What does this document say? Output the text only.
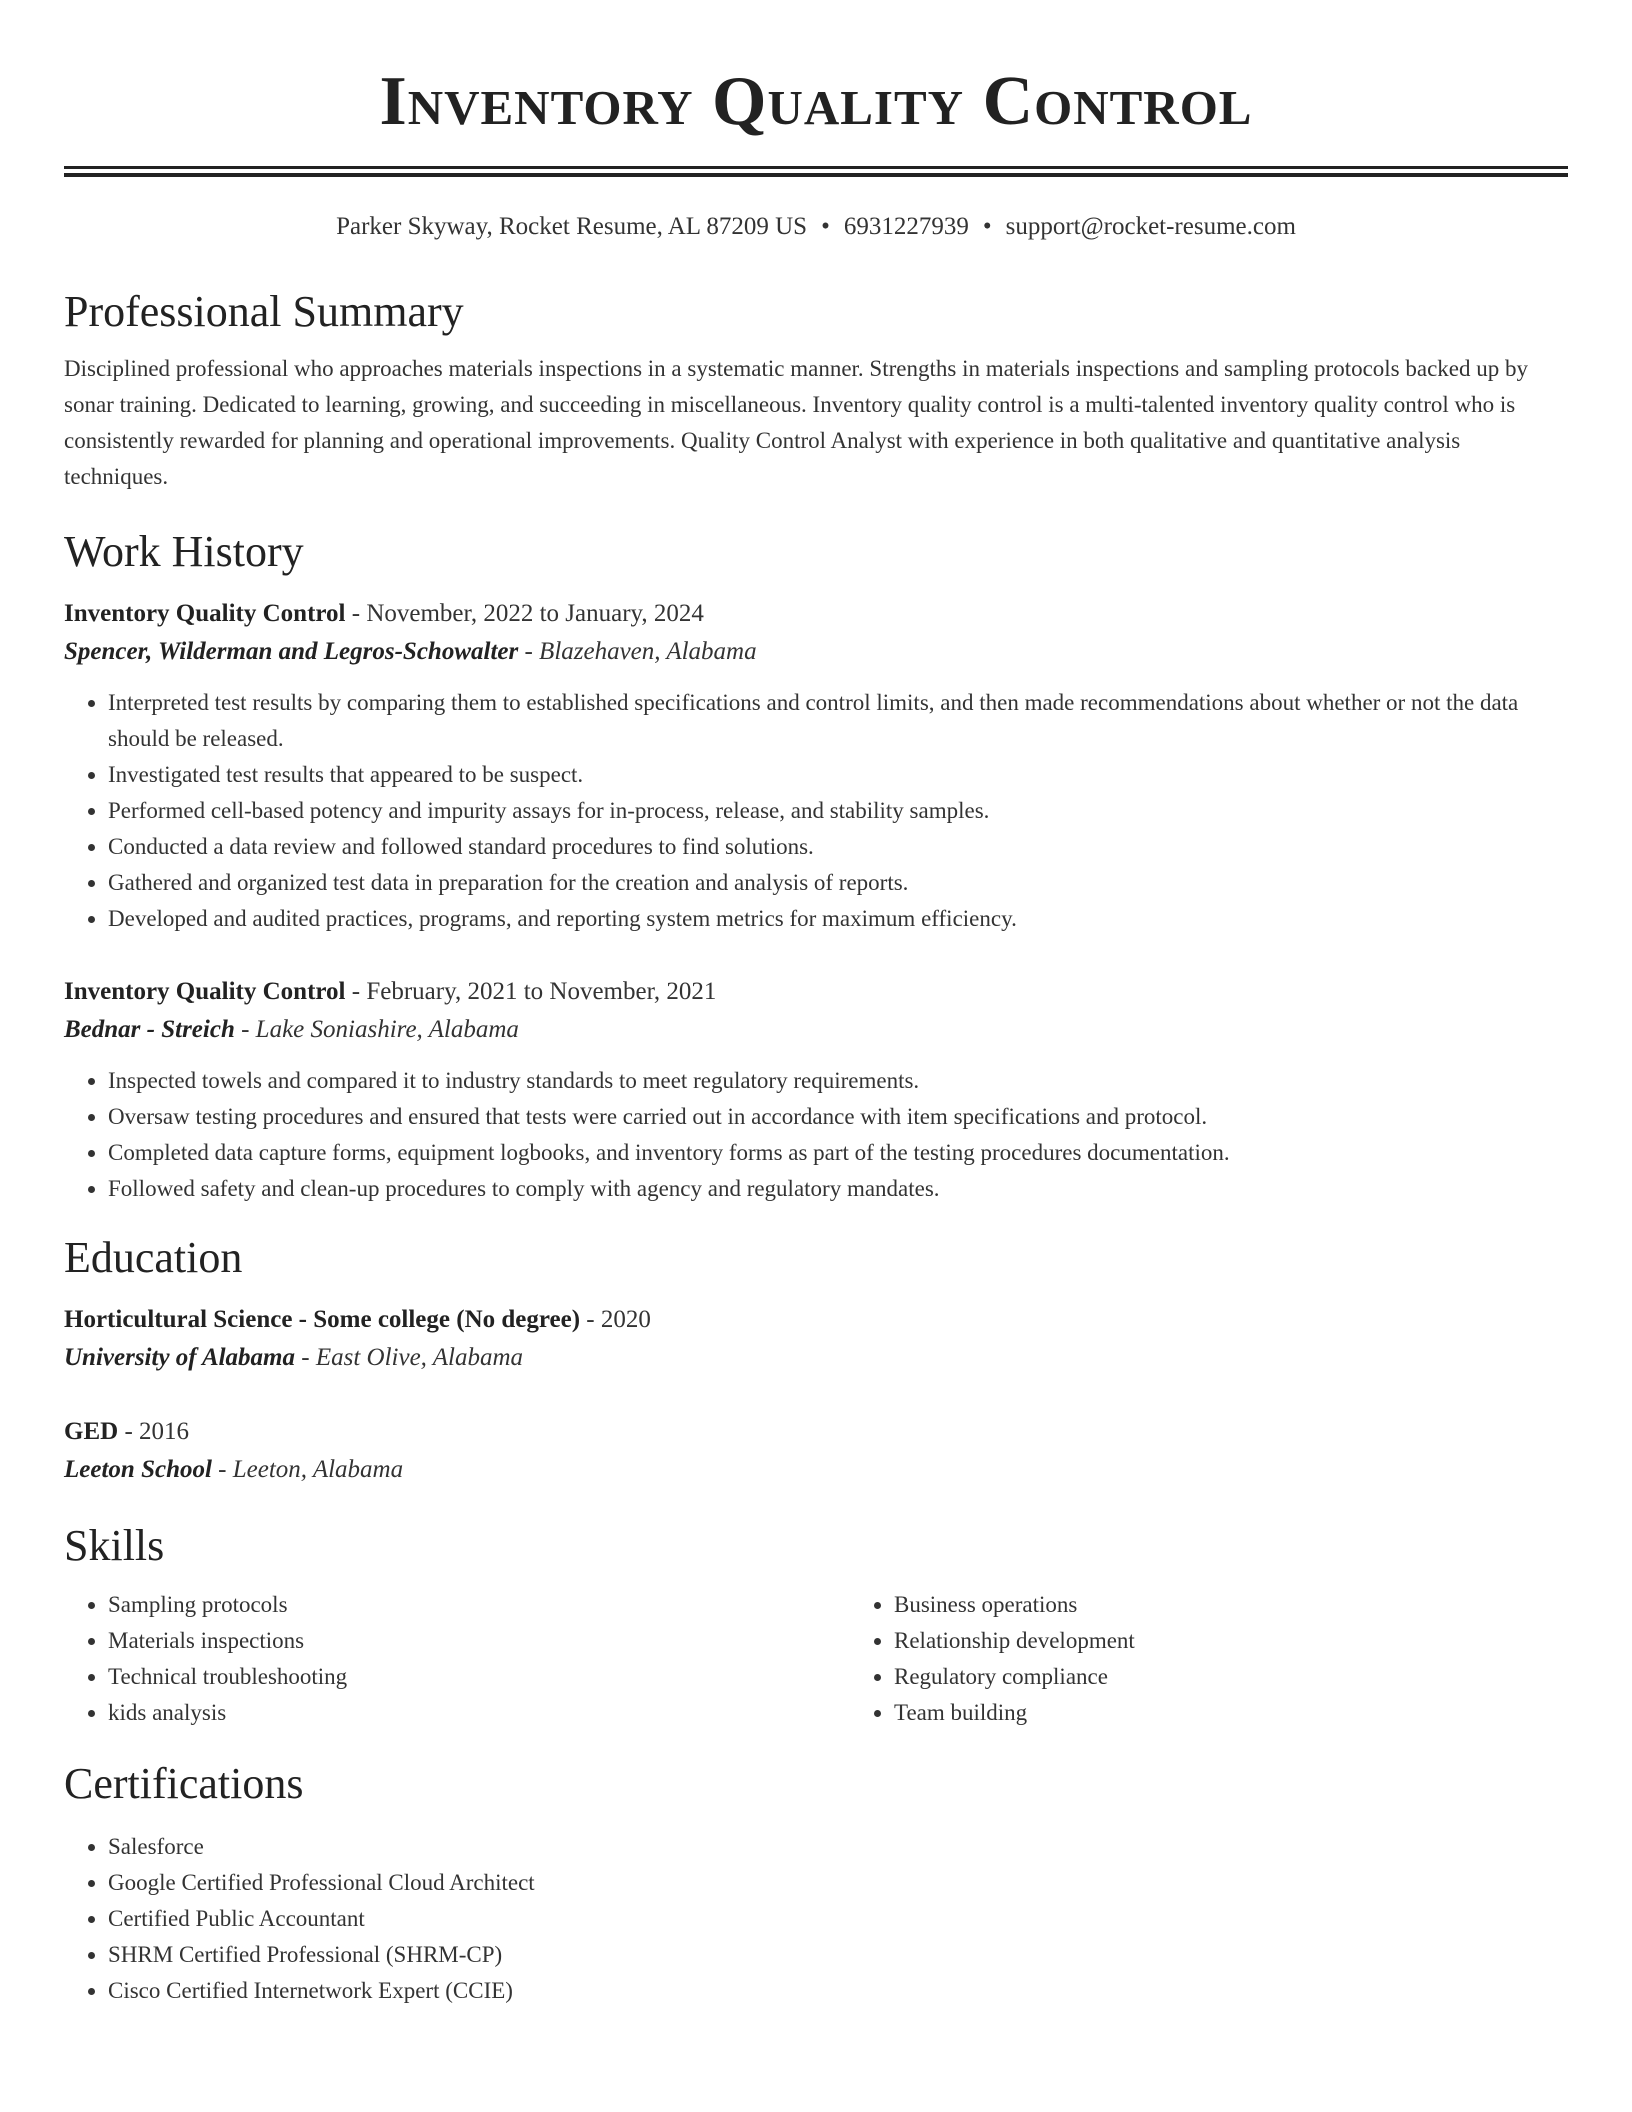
Inventory Quality Control
Parker Skyway, Rocket Resume, AL 87209 US • 6931227939 • support@rocket-resume.com
Professional Summary

Disciplined professional who approaches materials inspections in a systematic manner. Strengths in materials inspections and sampling protocols backed up by sonar training. Dedicated to learning, growing, and succeeding in miscellaneous. Inventory quality control is a multi-talented inventory quality control who is consistently rewarded for planning and operational improvements. Quality Control Analyst with experience in both qualitative and quantitative analysis techniques.

Work History
Inventory Quality Control - November, 2022 to January, 2024
Spencer, Wilderman and Legros-Schowalter - Blazehaven, Alabama
• Interpreted test results by comparing them to established specifications and control limits, and then made recommendations about whether or not the data should be released.
• Investigated test results that appeared to be suspect.
• Performed cell-based potency and impurity assays for in-process, release, and stability samples.
• Conducted a data review and followed standard procedures to find solutions.
• Gathered and organized test data in preparation for the creation and analysis of reports.
• Developed and audited practices, programs, and reporting system metrics for maximum efficiency.
Inventory Quality Control - February, 2021 to November, 2021
Bednar - Streich - Lake Soniashire, Alabama
• Inspected towels and compared it to industry standards to meet regulatory requirements.
• Oversaw testing procedures and ensured that tests were carried out in accordance with item specifications and protocol.
• Completed data capture forms, equipment logbooks, and inventory forms as part of the testing procedures documentation.
• Followed safety and clean-up procedures to comply with agency and regulatory mandates.
Education
Horticultural Science - Some college (No degree) - 2020
University of Alabama - East Olive, Alabama
GED - 2016
Leeton School - Leeton, Alabama
Skills
• Sampling protocols
• Materials inspections
• Technical troubleshooting
• kids analysis
• Business operations
• Relationship development
• Regulatory compliance
• Team building
Certifications
• Salesforce
• Google Certified Professional Cloud Architect
• Certified Public Accountant
• SHRM Certified Professional (SHRM-CP)
• Cisco Certified Internetwork Expert (CCIE)
